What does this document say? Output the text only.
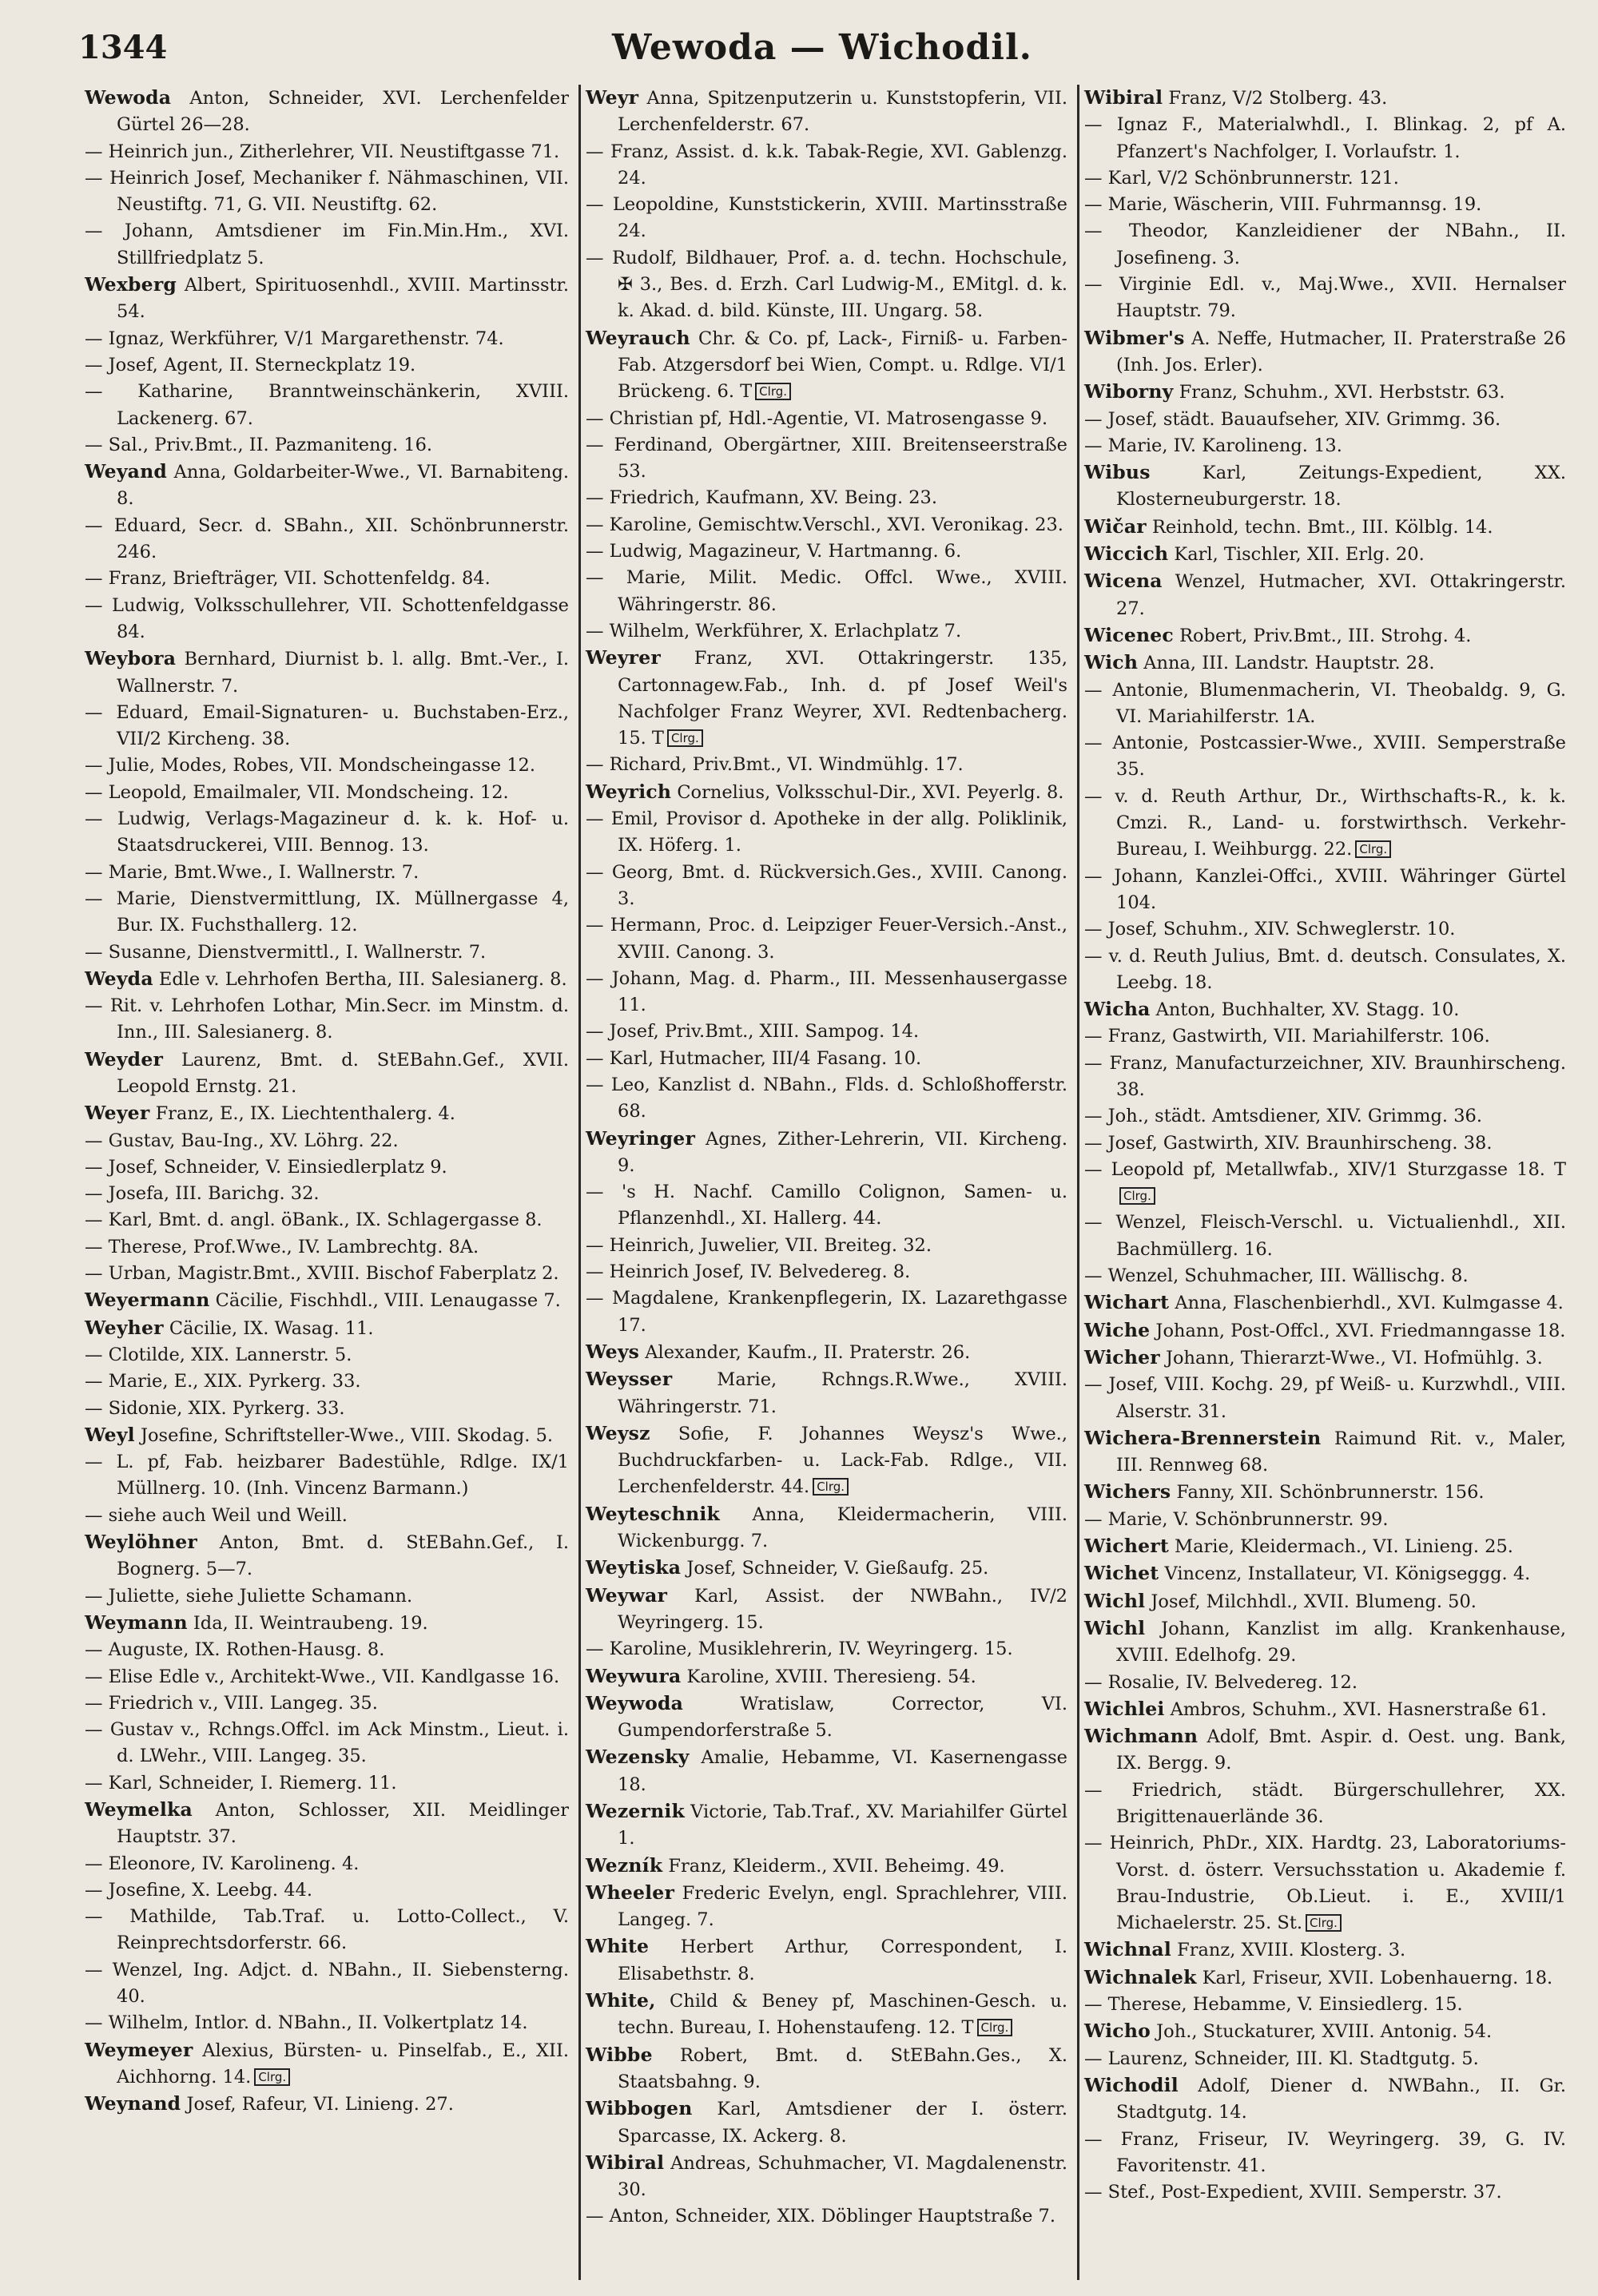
1344	Wewoda — Wichodil.
Wewoda Anton, Schneider, XVI. Lerchenfelder Gürtel 26—28.
— Heinrich jun., Zitherlehrer, VII. Neustiftgasse 71.
— Heinrich Josef, Mechaniker f. Nähmaschinen, VII. Neustiftg. 71, G. VII. Neustiftg. 62.
— Johann, Amtsdiener im Fin.Min.Hm., XVI. Stillfriedplatz 5.
Wexberg Albert, Spirituosenhdl., XVIII. Martinsstr. 54.
— Ignaz, Werkführer, V/1 Margarethenstr. 74.
— Josef, Agent, II. Sterneckplatz 19.
— Katharine, Branntweinschänkerin, XVIII. Lackenerg. 67.
— Sal., Priv.Bmt., II. Pazmaniteng. 16.
Weyand Anna, Goldarbeiter-Wwe., VI. Barnabiteng. 8.
— Eduard, Secr. d. SBahn., XII. Schönbrunnerstr. 246.
— Franz, Briefträger, VII. Schottenfeldg. 84.
— Ludwig, Volksschullehrer, VII. Schottenfeldgasse 84.
Weybora Bernhard, Diurnist b. l. allg. Bmt.-Ver., I. Wallnerstr. 7.
— Eduard, Email-Signaturen- u. Buchstaben-Erz., VII/2 Kircheng. 38.
— Julie, Modes, Robes, VII. Mondscheingasse 12.
— Leopold, Emailmaler, VII. Mondscheing. 12.
— Ludwig, Verlags-Magazineur d. k. k. Hof- u. Staatsdruckerei, VIII. Bennog. 13.
— Marie, Bmt.Wwe., I. Wallnerstr. 7.
— Marie, Dienstvermittlung, IX. Müllnergasse 4, Bur. IX. Fuchsthallerg. 12.
— Susanne, Dienstvermittl., I. Wallnerstr. 7.
Weyda Edle v. Lehrhofen Bertha, III. Salesianerg. 8.
— Rit. v. Lehrhofen Lothar, Min.Secr. im Minstm. d. Inn., III. Salesianerg. 8.
Weyder Laurenz, Bmt. d. StEBahn.Gef., XVII. Leopold Ernstg. 21.
Weyer Franz, E., IX. Liechtenthalerg. 4.
— Gustav, Bau-Ing., XV. Löhrg. 22.
— Josef, Schneider, V. Einsiedlerplatz 9.
— Josefa, III. Barichg. 32.
— Karl, Bmt. d. angl. öBank., IX. Schlagergasse 8.
— Therese, Prof.Wwe., IV. Lambrechtg. 8A.
— Urban, Magistr.Bmt., XVIII. Bischof Faberplatz 2.
Weyermann Cäcilie, Fischhdl., VIII. Lenaugasse 7.
Weyher Cäcilie, IX. Wasag. 11.
— Clotilde, XIX. Lannerstr. 5.
— Marie, E., XIX. Pyrkerg. 33.
— Sidonie, XIX. Pyrkerg. 33.
Weyl Josefine, Schriftsteller-Wwe., VIII. Skodag. 5.
— L. pf, Fab. heizbarer Badestühle, Rdlge. IX/1 Müllnerg. 10. (Inh. Vincenz Barmann.)
— siehe auch Weil und Weill.
Weylöhner Anton, Bmt. d. StEBahn.Gef., I. Bognerg. 5—7.
— Juliette, siehe Juliette Schamann.
Weymann Ida, II. Weintraubeng. 19.
— Auguste, IX. Rothen-Hausg. 8.
— Elise Edle v., Architekt-Wwe., VII. Kandlgasse 16.
— Friedrich v., VIII. Langeg. 35.
— Gustav v., Rchngs.Offcl. im Ack Minstm., Lieut. i. d. LWehr., VIII. Langeg. 35.
— Karl, Schneider, I. Riemerg. 11.
Weymelka Anton, Schlosser, XII. Meidlinger Hauptstr. 37.
— Eleonore, IV. Karolineng. 4.
— Josefine, X. Leebg. 44.
— Mathilde, Tab.Traf. u. Lotto-Collect., V. Reinprechtsdorferstr. 66.
— Wenzel, Ing. Adjct. d. NBahn., II. Siebensterng. 40.
— Wilhelm, Intlor. d. NBahn., II. Volkertplatz 14.
Weymeyer Alexius, Bürsten- u. Pinselfab., E., XII. Aichhorng. 14. Clrg.
Weynand Josef, Rafeur, VI. Linieng. 27.
Weyr Anna, Spitzenputzerin u. Kunststopferin, VII. Lerchenfelderstr. 67.
— Franz, Assist. d. k.k. Tabak-Regie, XVI. Gablenzg. 24.
— Leopoldine, Kunststickerin, XVIII. Martinsstraße 24.
— Rudolf, Bildhauer, Prof. a. d. techn. Hochschule, ✠ 3., Bes. d. Erzh. Carl Ludwig-M., EMitgl. d. k. k. Akad. d. bild. Künste, III. Ungarg. 58.
Weyrauch Chr. & Co. pf, Lack-, Firniß- u. Farben-Fab. Atzgersdorf bei Wien, Compt. u. Rdlge. VI/1 Brückeng. 6. T Clrg.
— Christian pf, Hdl.-Agentie, VI. Matrosengasse 9.
— Ferdinand, Obergärtner, XIII. Breitenseerstraße 53.
— Friedrich, Kaufmann, XV. Being. 23.
— Karoline, Gemischtw.Verschl., XVI. Veronikag. 23.
— Ludwig, Magazineur, V. Hartmanng. 6.
— Marie, Milit. Medic. Offcl. Wwe., XVIII. Währingerstr. 86.
— Wilhelm, Werkführer, X. Erlachplatz 7.
Weyrer Franz, XVI. Ottakringerstr. 135, Cartonnagew.Fab., Inh. d. pf Josef Weil's Nachfolger Franz Weyrer, XVI. Redtenbacherg. 15. T Clrg.
— Richard, Priv.Bmt., VI. Windmühlg. 17.
Weyrich Cornelius, Volksschul-Dir., XVI. Peyerlg. 8.
— Emil, Provisor d. Apotheke in der allg. Poliklinik, IX. Höferg. 1.
— Georg, Bmt. d. Rückversich.Ges., XVIII. Canong. 3.
— Hermann, Proc. d. Leipziger Feuer-Versich.-Anst., XVIII. Canong. 3.
— Johann, Mag. d. Pharm., III. Messenhausergasse 11.
— Josef, Priv.Bmt., XIII. Sampog. 14.
— Karl, Hutmacher, III/4 Fasang. 10.
— Leo, Kanzlist d. NBahn., Flds. d. Schloßhofferstr. 68.
Weyringer Agnes, Zither-Lehrerin, VII. Kircheng. 9.
— 's H. Nachf. Camillo Colignon, Samen- u. Pflanzenhdl., XI. Hallerg. 44.
— Heinrich, Juwelier, VII. Breiteg. 32.
— Heinrich Josef, IV. Belvedereg. 8.
— Magdalene, Krankenpflegerin, IX. Lazarethgasse 17.
Weys Alexander, Kaufm., II. Praterstr. 26.
Weysser Marie, Rchngs.R.Wwe., XVIII. Währingerstr. 71.
Weysz Sofie, F. Johannes Weysz's Wwe., Buchdruckfarben- u. Lack-Fab. Rdlge., VII. Lerchenfelderstr. 44. Clrg.
Weyteschnik Anna, Kleidermacherin, VIII. Wickenburgg. 7.
Weytiska Josef, Schneider, V. Gießaufg. 25.
Weywar Karl, Assist. der NWBahn., IV/2 Weyringerg. 15.
— Karoline, Musiklehrerin, IV. Weyringerg. 15.
Weywura Karoline, XVIII. Theresieng. 54.
Weywoda Wratislaw, Corrector, VI. Gumpendorferstraße 5.
Wezensky Amalie, Hebamme, VI. Kasernengasse 18.
Wezernik Victorie, Tab.Traf., XV. Mariahilfer Gürtel 1.
Wezník Franz, Kleiderm., XVII. Beheimg. 49.
Wheeler Frederic Evelyn, engl. Sprachlehrer, VIII. Langeg. 7.
White Herbert Arthur, Correspondent, I. Elisabethstr. 8.
White, Child & Beney pf, Maschinen-Gesch. u. techn. Bureau, I. Hohenstaufeng. 12. T Clrg.
Wibbe Robert, Bmt. d. StEBahn.Ges., X. Staatsbahng. 9.
Wibbogen Karl, Amtsdiener der I. österr. Sparcasse, IX. Ackerg. 8.
Wibiral Andreas, Schuhmacher, VI. Magdalenenstr. 30.
— Anton, Schneider, XIX. Döblinger Hauptstraße 7.
Wibiral Franz, V/2 Stolberg. 43.
— Ignaz F., Materialwhdl., I. Blinkag. 2, pf A. Pfanzert's Nachfolger, I. Vorlaufstr. 1.
— Karl, V/2 Schönbrunnerstr. 121.
— Marie, Wäscherin, VIII. Fuhrmannsg. 19.
— Theodor, Kanzleidiener der NBahn., II. Josefineng. 3.
— Virginie Edl. v., Maj.Wwe., XVII. Hernalser Hauptstr. 79.
Wibmer's A. Neffe, Hutmacher, II. Praterstraße 26 (Inh. Jos. Erler).
Wiborny Franz, Schuhm., XVI. Herbststr. 63.
— Josef, städt. Bauaufseher, XIV. Grimmg. 36.
— Marie, IV. Karolineng. 13.
Wibus Karl, Zeitungs-Expedient, XX. Klosterneuburgerstr. 18.
Wičar Reinhold, techn. Bmt., III. Kölblg. 14.
Wiccich Karl, Tischler, XII. Erlg. 20.
Wicena Wenzel, Hutmacher, XVI. Ottakringerstr. 27.
Wicenec Robert, Priv.Bmt., III. Strohg. 4.
Wich Anna, III. Landstr. Hauptstr. 28.
— Antonie, Blumenmacherin, VI. Theobaldg. 9, G. VI. Mariahilferstr. 1A.
— Antonie, Postcassier-Wwe., XVIII. Semperstraße 35.
— v. d. Reuth Arthur, Dr., Wirthschafts-R., k. k. Cmzi. R., Land- u. forstwirthsch. Verkehr-Bureau, I. Weihburgg. 22. Clrg.
— Johann, Kanzlei-Offci., XVIII. Währinger Gürtel 104.
— Josef, Schuhm., XIV. Schweglerstr. 10.
— v. d. Reuth Julius, Bmt. d. deutsch. Consulates, X. Leebg. 18.
Wicha Anton, Buchhalter, XV. Stagg. 10.
— Franz, Gastwirth, VII. Mariahilferstr. 106.
— Franz, Manufacturzeichner, XIV. Braunhirscheng. 38.
— Joh., städt. Amtsdiener, XIV. Grimmg. 36.
— Josef, Gastwirth, XIV. Braunhirscheng. 38.
— Leopold pf, Metallwfab., XIV/1 Sturzgasse 18. TClrg.
— Wenzel, Fleisch-Verschl. u. Victualienhdl., XII. Bachmüllerg. 16.
— Wenzel, Schuhmacher, III. Wällischg. 8.
Wichart Anna, Flaschenbierhdl., XVI. Kulmgasse 4.
Wiche Johann, Post-Offcl., XVI. Friedmanngasse 18.
Wicher Johann, Thierarzt-Wwe., VI. Hofmühlg. 3.
— Josef, VIII. Kochg. 29, pf Weiß- u. Kurzwhdl., VIII. Alserstr. 31.
Wichera-Brennerstein Raimund Rit. v., Maler, III. Rennweg 68.
Wichers Fanny, XII. Schönbrunnerstr. 156.
— Marie, V. Schönbrunnerstr. 99.
Wichert Marie, Kleidermach., VI. Linieng. 25.
Wichet Vincenz, Installateur, VI. Königseggg. 4.
Wichl Josef, Milchhdl., XVII. Blumeng. 50.
Wichl Johann, Kanzlist im allg. Krankenhause, XVIII. Edelhofg. 29.
— Rosalie, IV. Belvedereg. 12.
Wichlei Ambros, Schuhm., XVI. Hasnerstraße 61.
Wichmann Adolf, Bmt. Aspir. d. Oest. ung. Bank, IX. Bergg. 9.
— Friedrich, städt. Bürgerschullehrer, XX. Brigittenauerlände 36.
— Heinrich, PhDr., XIX. Hardtg. 23, Laboratoriums-Vorst. d. österr. Versuchsstation u. Akademie f. Brau-Industrie, Ob.Lieut. i. E., XVIII/1 Michaelerstr. 25. St. Clrg.
Wichnal Franz, XVIII. Klosterg. 3.
Wichnalek Karl, Friseur, XVII. Lobenhauerng. 18.
— Therese, Hebamme, V. Einsiedlerg. 15.
Wicho Joh., Stuckaturer, XVIII. Antonig. 54.
— Laurenz, Schneider, III. Kl. Stadtgutg. 5.
Wichodil Adolf, Diener d. NWBahn., II. Gr. Stadtgutg. 14.
— Franz, Friseur, IV. Weyringerg. 39, G. IV. Favoritenstr. 41.
— Stef., Post-Expedient, XVIII. Semperstr. 37.
